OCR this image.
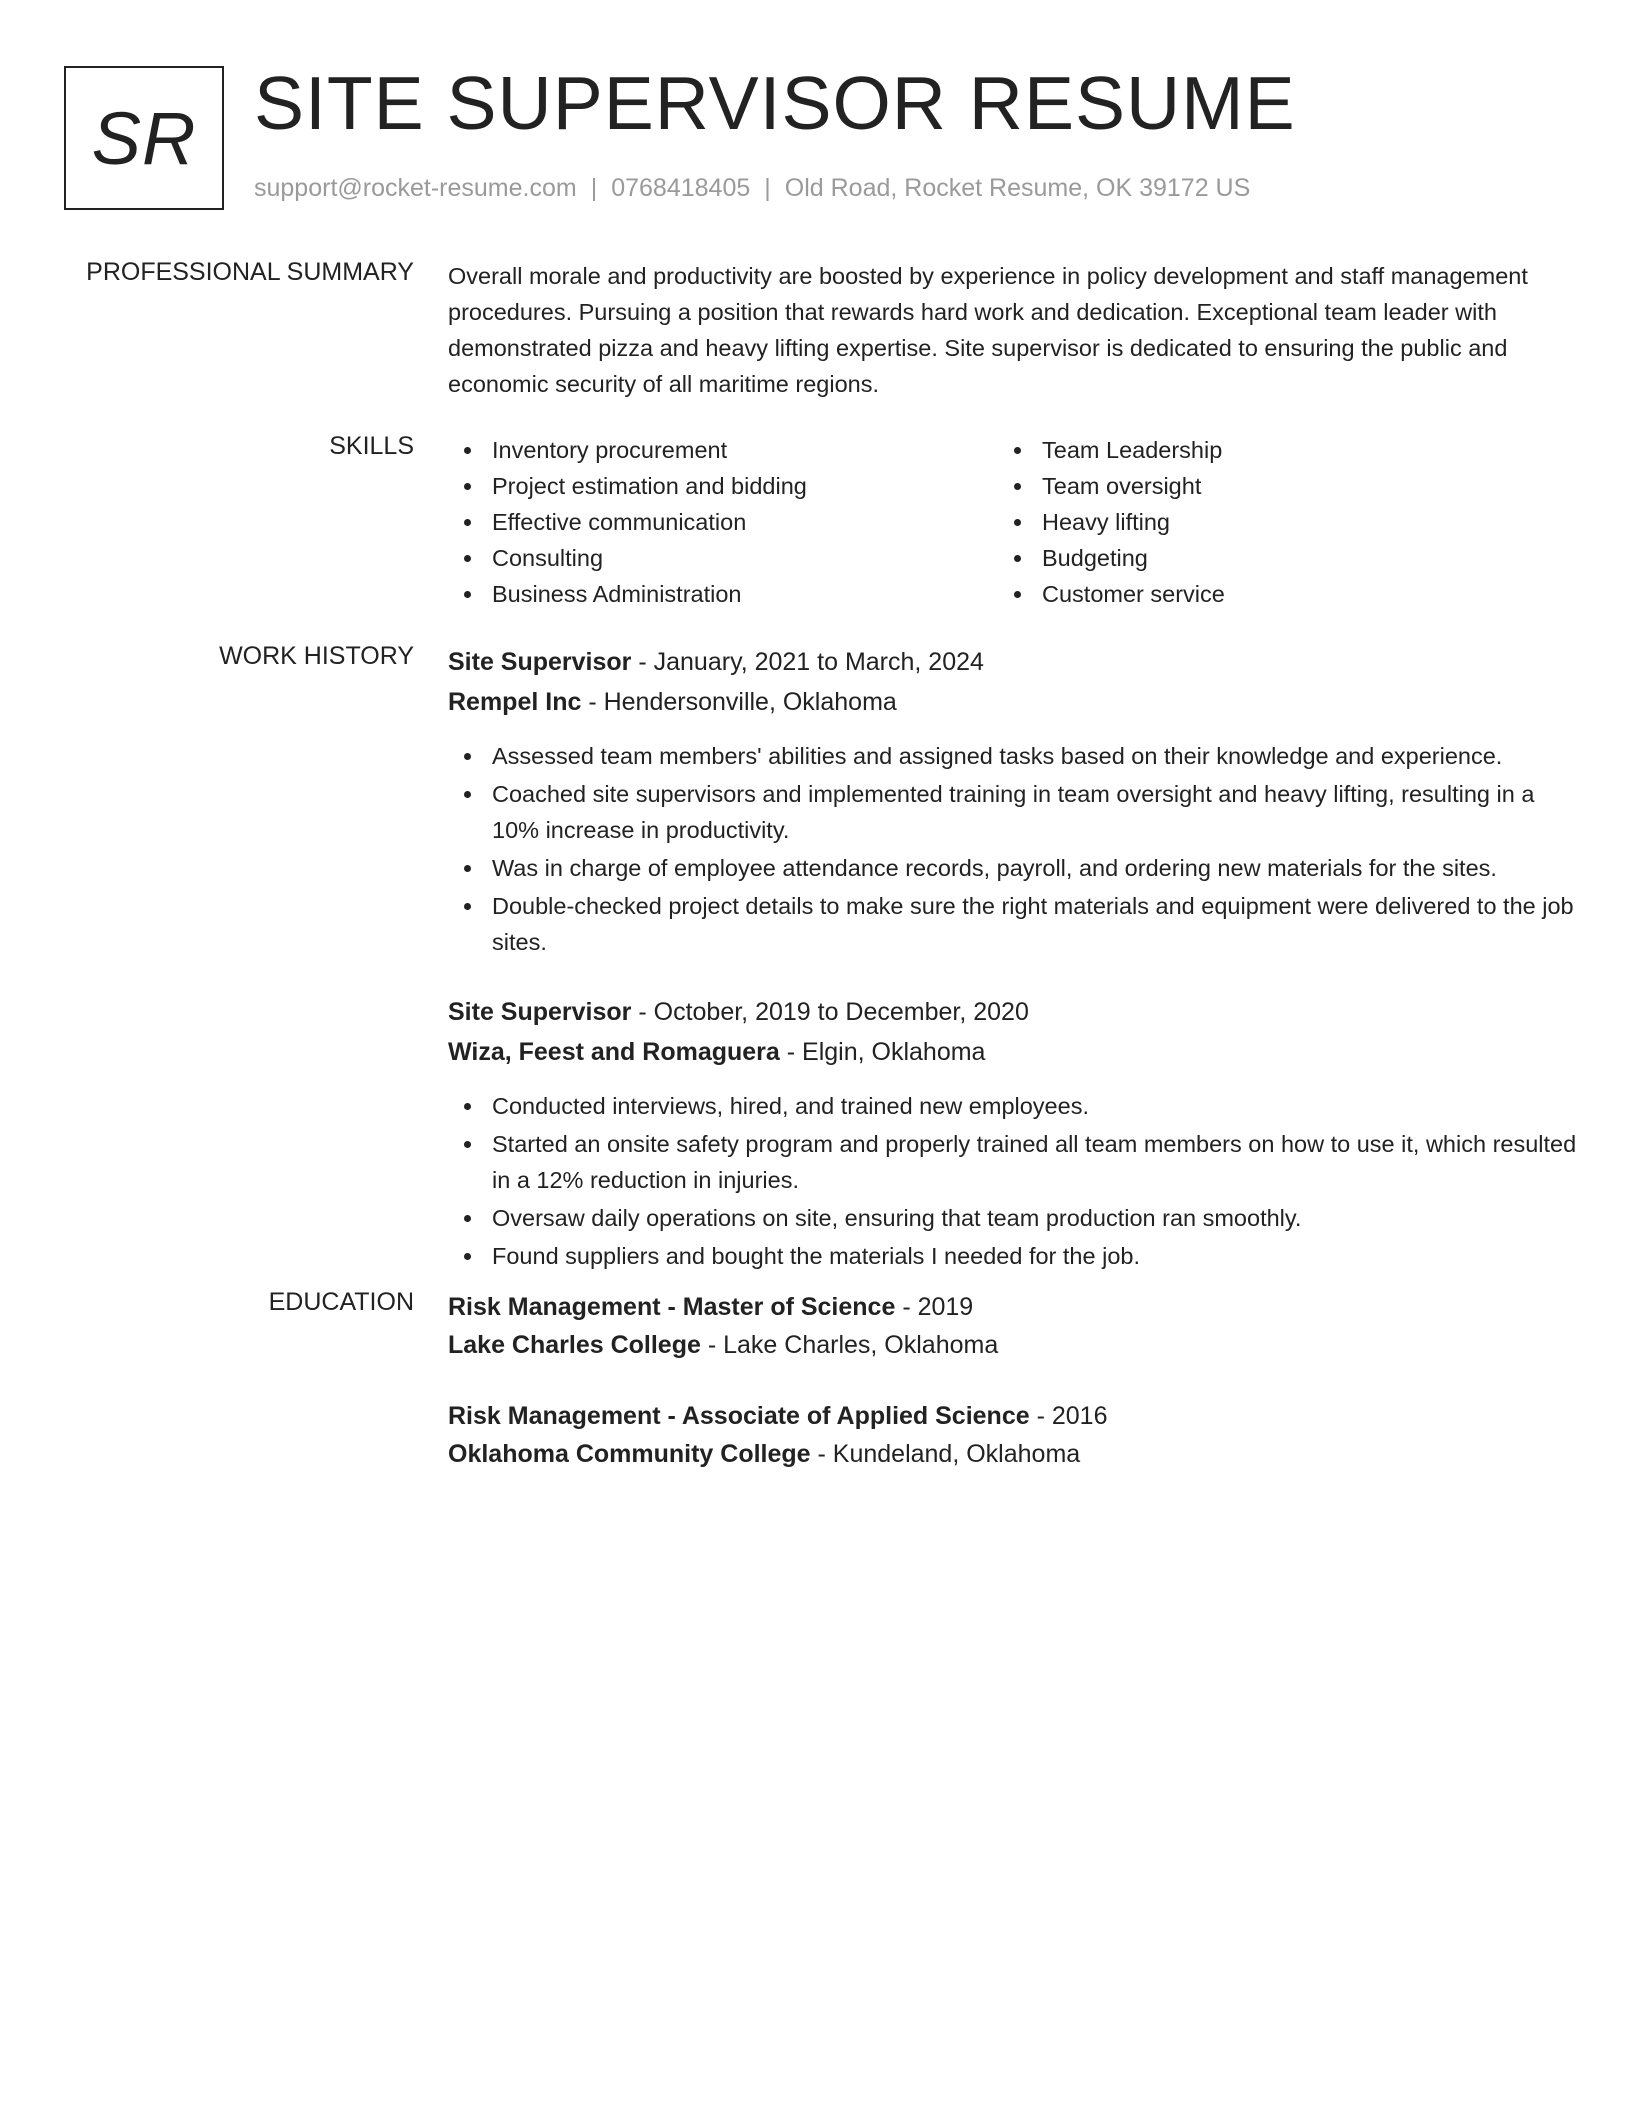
SR SITE SUPERVISOR RESUME
support@rocket-resume.com | 0768418405 | Old Road, Rocket Resume, OK 39172 US
PROFESSIONAL SUMMARY Overall morale and productivity are boosted by experience in policy development and staff management procedures. Pursuing a position that rewards hard work and dedication. Exceptional team leader with demonstrated pizza and heavy lifting expertise. Site supervisor is dedicated to ensuring the public and economic security of all maritime regions.

SKILLS	Inventory procurement
Project estimation and bidding
Effective communication
Consulting
Business Administration
Team Leadership
Team oversight
Heavy lifting
Budgeting
Customer service
WORK HISTORY Site Supervisor - January, 2021 to March, 2024
Rempel Inc - Hendersonville, Oklahoma
Assessed team members' abilities and assigned tasks based on their knowledge and experience.
Coached site supervisors and implemented training in team oversight and heavy lifting, resulting in a 10% increase in productivity.
Was in charge of employee attendance records, payroll, and ordering new materials for the sites.
Double-checked project details to make sure the right materials and equipment were delivered to the job sites.
Site Supervisor - October, 2019 to December, 2020
Wiza, Feest and Romaguera - Elgin, Oklahoma
Conducted interviews, hired, and trained new employees.
Started an onsite safety program and properly trained all team members on how to use it, which resulted in a 12% reduction in injuries.
Oversaw daily operations on site, ensuring that team production ran smoothly.
Found suppliers and bought the materials I needed for the job.
EDUCATION Risk Management - Master of Science - 2019
Lake Charles College - Lake Charles, Oklahoma
Risk Management - Associate of Applied Science - 2016
Oklahoma Community College - Kundeland, Oklahoma
